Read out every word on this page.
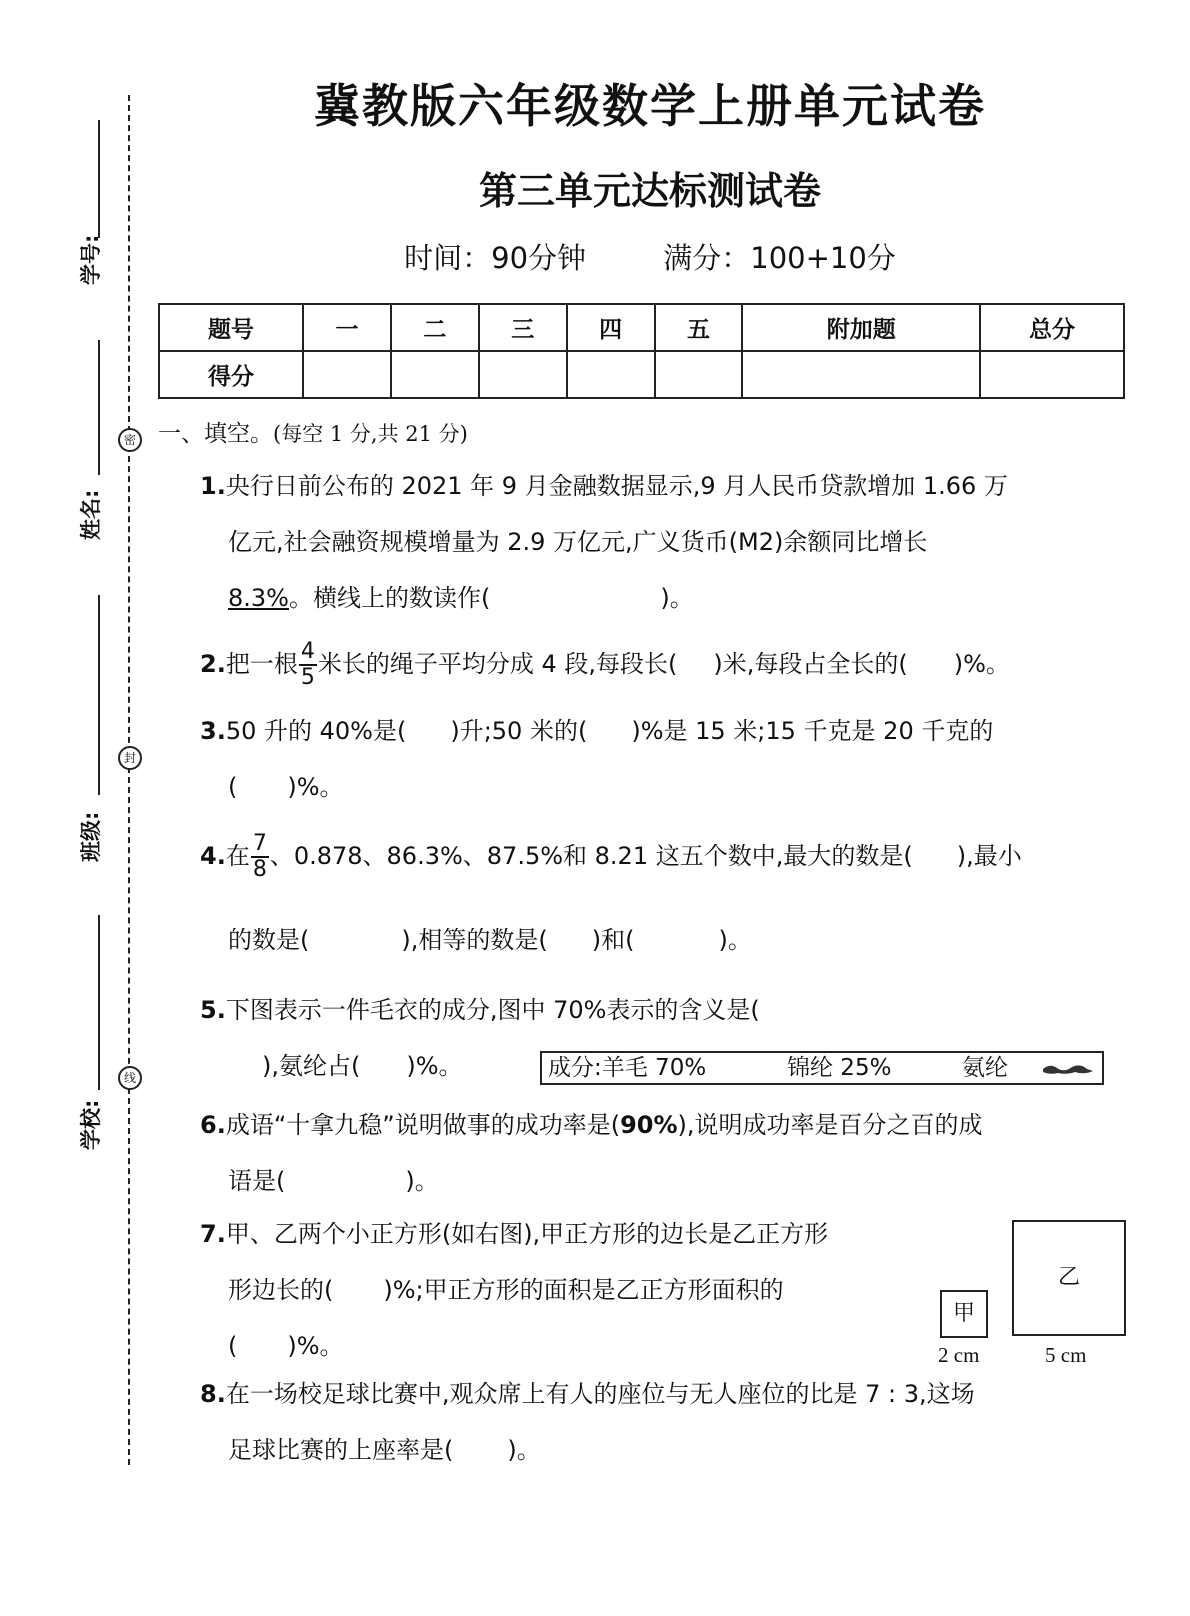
密
封
线
学号:
姓名:
班级:
学校:
冀教版六年级数学上册单元试卷
第三单元达标测试卷
时间：90分钟	满分：100+10分
题号	一	二	三	四	五	附加题	总分
得分							
一、填空。(每空 1 分,共 21 分)
1.央行日前公布的 2021 年 9 月金融数据显示,9 月人民币贷款增加 1.66 万
亿元,社会融资规模增量为 2.9 万亿元,广义货币(M2)余额同比增长
8.3%。横线上的数读作(	)。
2.把一根 $\frac{4}{5}$ 米长的绳子平均分成 4 段,每段长( )米,每段占全长的( )%。
3.50 升的 40%是( )升;50 米的( )%是 15 米;15 千克是 20 千克的
( )%。
4.在 $\frac{7}{8}$ 、0.878、86.3%、87.5%和 8.21 这五个数中,最大的数是( ),最小
的数是(	),相等的数是( )和(	)。
5.下图表示一件毛衣的成分,图中 70%表示的含义是(
),氨纶占( )%。	成分:羊毛 70%	锦纶 25%	氨纶
6.成语“十拿九稳”说明做事的成功率是(90%),说明成功率是百分之百的成
语是(	)。
7.甲、乙两个小正方形(如右图),甲正方形的边长是乙正方形
形边长的( )%;甲正方形的面积是乙正方形面积的
( )%。
甲
乙
2 cm	5 cm
8.在一场校足球比赛中,观众席上有人的座位与无人座位的比是 7 : 3,这场
足球比赛的上座率是( )。
